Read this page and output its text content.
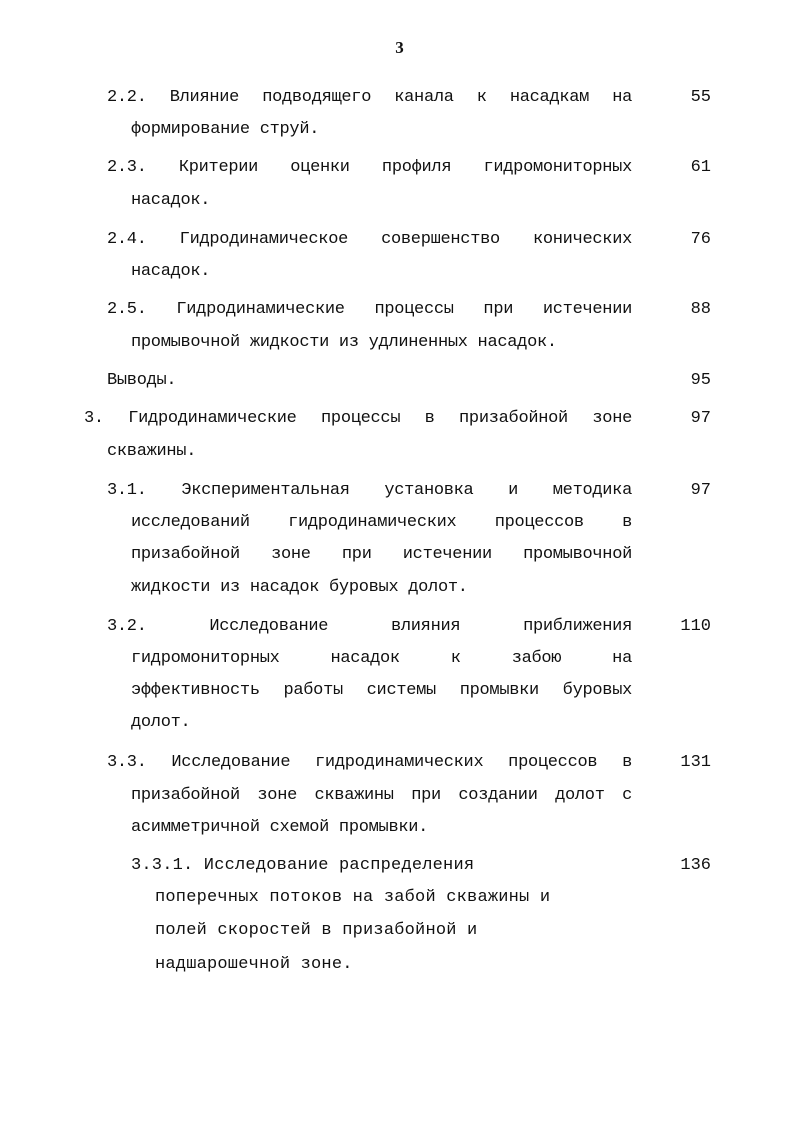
3
2.2. Влияние подводящего канала к насадкам на
формирование струй.
55
2.3. Критерии оценки профиля гидромониторных
насадок.
61
2.4. Гидродинамическое совершенство конических
насадок.
76
2.5. Гидродинамические процессы при истечении
промывочной жидкости из удлиненных насадок.
88
Выводы.	95
3. Гидродинамические процессы в призабойной зоне
скважины.
97
3.1. Экспериментальная установка и методика
исследований гидродинамических процессов в
призабойной зоне при истечении промывочной
жидкости из насадок буровых долот.
97
3.2. Исследование влияния приближения
гидромониторных насадок к забою на
эффективность работы системы промывки буровых
долот.
110
3.3. Исследование гидродинамических процессов в
призабойной зоне скважины при создании долот с
асимметричной схемой промывки.
131
3.3.1. Исследование распределения
поперечных потоков на забой скважины и
полей скоростей в призабойной и
надшарошечной зоне.
136
